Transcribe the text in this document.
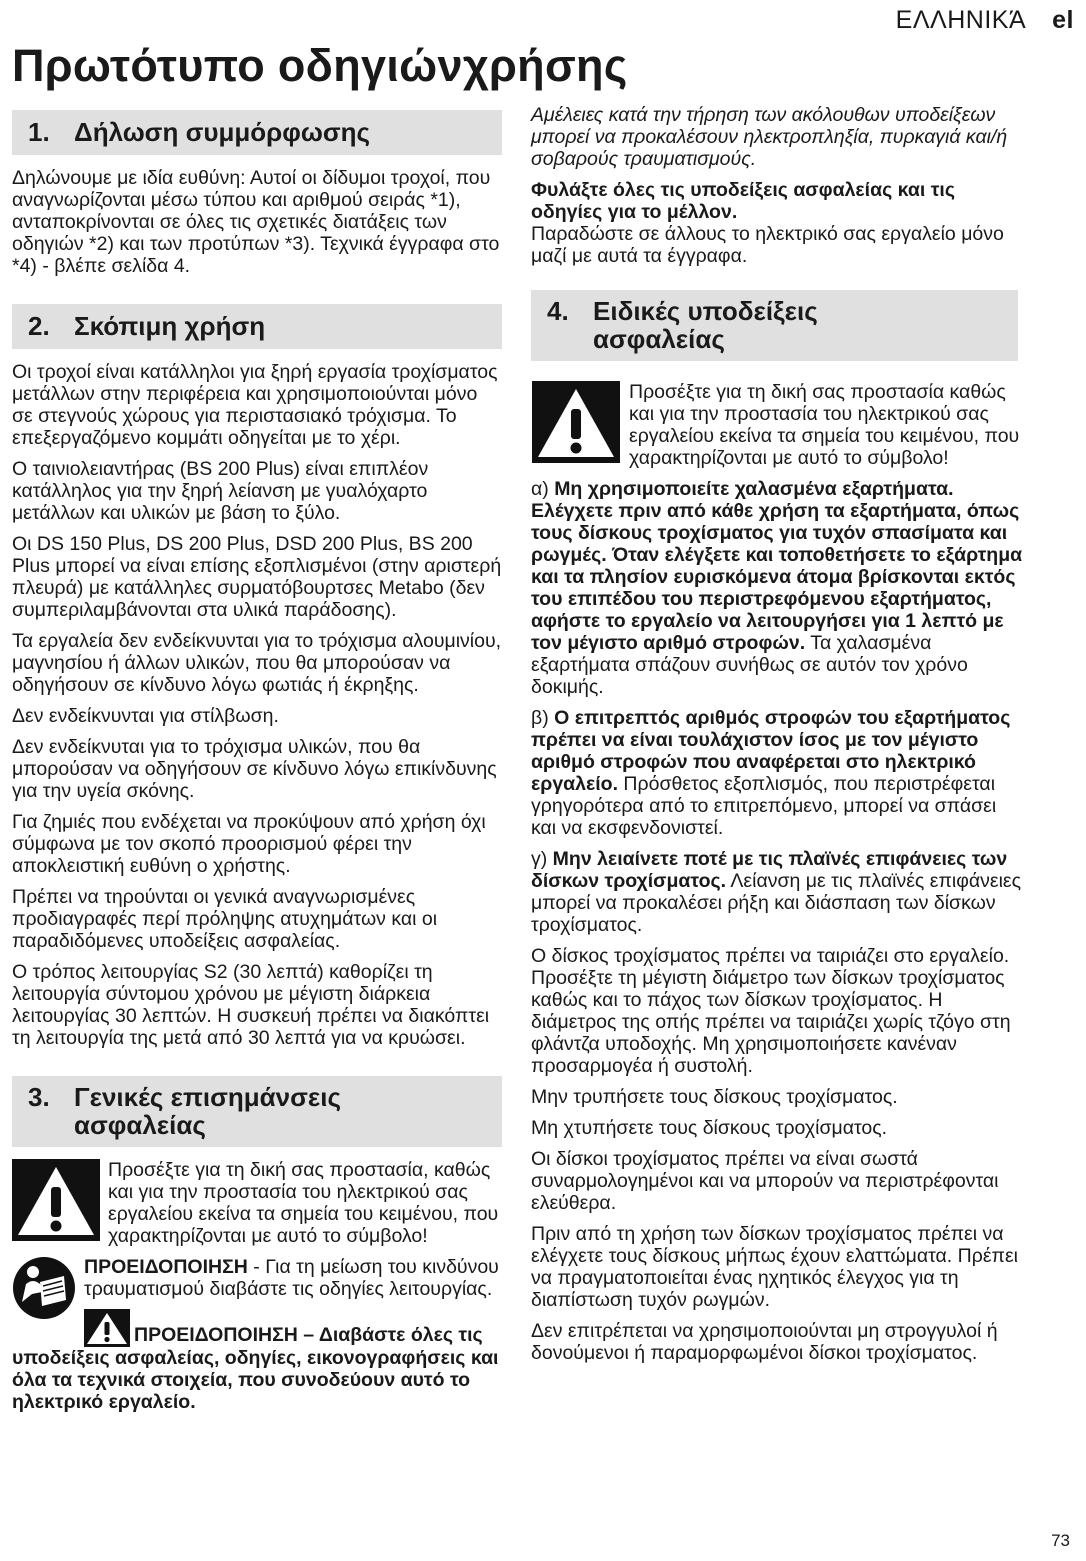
ΕΛΛΗΝΙΚΆ el
Πρωτότυπο οδηγιώνχρήσης
1. Δήλωση συμμόρφωσης

Δηλώνουμε με ιδία ευθύνη: Αυτοί οι δίδυμοι τροχοί, που αναγνωρίζονται μέσω τύπου και αριθμού σειράς *1), ανταποκρίνονται σε όλες τις σχετικές διατάξεις των οδηγιών *2) και των προτύπων *3). Τεχνικά έγγραφα στο *4) - βλέπε σελίδα 4.

2. Σκόπιμη χρήση

Οι τροχοί είναι κατάλληλοι για ξηρή εργασία τροχίσματος μετάλλων στην περιφέρεια και χρησιμοποιούνται μόνο σε στεγνούς χώρους για περιστασιακό τρόχισμα. Το επεξεργαζόμενο κομμάτι οδηγείται με το χέρι.

Ο ταινιολειαντήρας (BS 200 Plus) είναι επιπλέον κατάλληλος για την ξηρή λείανση με γυαλόχαρτο μετάλλων και υλικών με βάση το ξύλο.

Οι DS 150 Plus, DS 200 Plus, DSD 200 Plus, BS 200 Plus μπορεί να είναι επίσης εξοπλισμένοι (στην αριστερή πλευρά) με κατάλληλες συρματόβουρτσες Metabo (δεν συμπεριλαμβάνονται στα υλικά παράδοσης).

Τα εργαλεία δεν ενδείκνυνται για το τρόχισμα αλουμινίου, μαγνησίου ή άλλων υλικών, που θα μπορούσαν να οδηγήσουν σε κίνδυνο λόγω φωτιάς ή έκρηξης.

Δεν ενδείκνυνται για στίλβωση.

Δεν ενδείκνυται για το τρόχισμα υλικών, που θα μπορούσαν να οδηγήσουν σε κίνδυνο λόγω επικίνδυνης για την υγεία σκόνης.

Για ζημιές που ενδέχεται να προκύψουν από χρήση όχι σύμφωνα με τον σκοπό προορισμού φέρει την αποκλειστική ευθύνη ο χρήστης.

Πρέπει να τηρούνται οι γενικά αναγνωρισμένες προδιαγραφές περί πρόληψης ατυχημάτων και οι παραδιδόμενες υποδείξεις ασφαλείας.

Ο τρόπος λειτουργίας S2 (30 λεπτά) καθορίζει τη λειτουργία σύντομου χρόνου με μέγιστη διάρκεια λειτουργίας 30 λεπτών. Η συσκευή πρέπει να διακόπτει τη λειτουργία της μετά από 30 λεπτά για να κρυώσει.

3. Γενικές επισημάνσεις
ασφαλείας

Προσέξτε για τη δική σας προστασία, καθώς και για την προστασία του ηλεκτρικού σας εργαλείου εκείνα τα σημεία του κειμένου, που χαρακτηρίζονται με αυτό το σύμβολο!

ΠΡΟΕΙΔΟΠΟΙΗΣΗ - Για τη μείωση του κινδύνου τραυματισμού διαβάστε τις οδηγίες λειτουργίας.

ΠΡΟΕΙΔΟΠΟΙΗΣΗ – Διαβάστε όλες τις υποδείξεις ασφαλείας, οδηγίες, εικονογραφήσεις και όλα τα τεχνικά στοιχεία, που συνοδεύουν αυτό το ηλεκτρικό εργαλείο.

Αμέλειες κατά την τήρηση των ακόλουθων υποδείξεων μπορεί να προκαλέσουν ηλεκτροπληξία, πυρκαγιά και/ή σοβαρούς τραυματισμούς.

Φυλάξτε όλες τις υποδείξεις ασφαλείας και τις οδηγίες για το μέλλον.

Παραδώστε σε άλλους το ηλεκτρικό σας εργαλείο μόνο μαζί με αυτά τα έγγραφα.

4. Ειδικές υποδείξεις
ασφαλείας

Προσέξτε για τη δική σας προστασία καθώς και για την προστασία του ηλεκτρικού σας εργαλείου εκείνα τα σημεία του κειμένου, που χαρακτηρίζονται με αυτό το σύμβολο!

α) Μη χρησιμοποιείτε χαλασμένα εξαρτήματα. Ελέγχετε πριν από κάθε χρήση τα εξαρτήματα, όπως τους δίσκους τροχίσματος για τυχόν σπασίματα και ρωγμές. Όταν ελέγξετε και τοποθετήσετε το εξάρτημα και τα πλησίον ευρισκόμενα άτομα βρίσκονται εκτός του επιπέδου του περιστρεφόμενου εξαρτήματος, αφήστε το εργαλείο να λειτουργήσει για 1 λεπτό με τον μέγιστο αριθμό στροφών. Τα χαλασμένα εξαρτήματα σπάζουν συνήθως σε αυτόν τον χρόνο δοκιμής.

β) Ο επιτρεπτός αριθμός στροφών του εξαρτήματος πρέπει να είναι τουλάχιστον ίσος με τον μέγιστο αριθμό στροφών που αναφέρεται στο ηλεκτρικό εργαλείο. Πρόσθετος εξοπλισμός, που περιστρέφεται γρηγορότερα από το επιτρεπόμενο, μπορεί να σπάσει και να εκσφενδονιστεί.

γ) Μην λειαίνετε ποτέ με τις πλαϊνές επιφάνειες των δίσκων τροχίσματος. Λείανση με τις πλαϊνές επιφάνειες μπορεί να προκαλέσει ρήξη και διάσπαση των δίσκων τροχίσματος.

Ο δίσκος τροχίσματος πρέπει να ταιριάζει στο εργαλείο. Προσέξτε τη μέγιστη διάμετρο των δίσκων τροχίσματος καθώς και το πάχος των δίσκων τροχίσματος. Η διάμετρος της οπής πρέπει να ταιριάζει χωρίς τζόγο στη φλάντζα υποδοχής. Μη χρησιμοποιήσετε κανέναν προσαρμογέα ή συστολή.

Μην τρυπήσετε τους δίσκους τροχίσματος.

Μη χτυπήσετε τους δίσκους τροχίσματος.

Οι δίσκοι τροχίσματος πρέπει να είναι σωστά συναρμολογημένοι και να μπορούν να περιστρέφονται ελεύθερα.

Πριν από τη χρήση των δίσκων τροχίσματος πρέπει να ελέγχετε τους δίσκους μήπως έχουν ελαττώματα. Πρέπει να πραγματοποιείται ένας ηχητικός έλεγχος για τη διαπίστωση τυχόν ρωγμών.

Δεν επιτρέπεται να χρησιμοποιούνται μη στρογγυλοί ή δονούμενοι ή παραμορφωμένοι δίσκοι τροχίσματος.

73
